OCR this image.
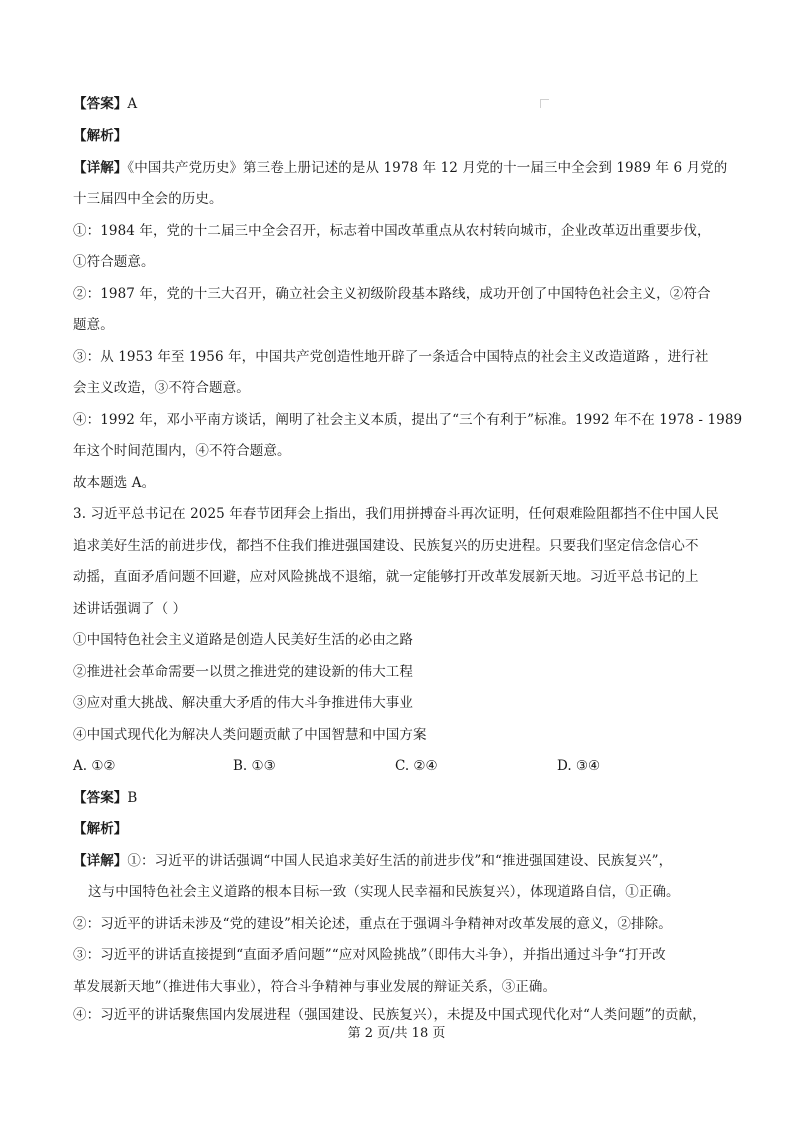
【答案】A
【解析】
【详解】《中国共产党历史》第三卷上册记述的是从 1978 年 12 月党的十一届三中全会到 1989 年 6 月党的
十三届四中全会的历史。
①：1984 年，党的十二届三中全会召开，标志着中国改革重点从农村转向城市，企业改革迈出重要步伐，
①符合题意。
②：1987 年，党的十三大召开，确立社会主义初级阶段基本路线，成功开创了中国特色社会主义，②符合
题意。
③：从 1953 年至 1956 年，中国共产党创造性地开辟了一条适合中国特点的社会主义改造道路 ，进行社
会主义改造，③不符合题意。
④：1992 年，邓小平南方谈话，阐明了社会主义本质，提出了“三个有利于”标准。1992 年不在 1978 - 1989
年这个时间范围内，④不符合题意。
故本题选 A。
3. 习近平总书记在 2025 年春节团拜会上指出，我们用拼搏奋斗再次证明，任何艰难险阻都挡不住中国人民
追求美好生活的前进步伐，都挡不住我们推进强国建设、民族复兴的历史进程。只要我们坚定信念信心不
动摇，直面矛盾问题不回避，应对风险挑战不退缩，就一定能够打开改革发展新天地。习近平总书记的上
述讲话强调了（ ）
①中国特色社会主义道路是创造人民美好生活的必由之路
②推进社会革命需要一以贯之推进党的建设新的伟大工程
③应对重大挑战、解决重大矛盾的伟大斗争推进伟大事业
④中国式现代化为解决人类问题贡献了中国智慧和中国方案
A. ①②	B. ①③	C. ②④	D. ③④
【答案】B
【解析】
【详解】①：习近平的讲话强调“中国人民追求美好生活的前进步伐”和“推进强国建设、民族复兴”，
这与中国特色社会主义道路的根本目标一致（实现人民幸福和民族复兴），体现道路自信，①正确。
②：习近平的讲话未涉及“党的建设”相关论述，重点在于强调斗争精神对改革发展的意义，②排除。
③：习近平的讲话直接提到“直面矛盾问题”“应对风险挑战”（即伟大斗争），并指出通过斗争“打开改
革发展新天地”（推进伟大事业），符合斗争精神与事业发展的辩证关系，③正确。
④：习近平的讲话聚焦国内发展进程（强国建设、民族复兴），未提及中国式现代化对“人类问题”的贡献，
第 2 页/共 18 页
